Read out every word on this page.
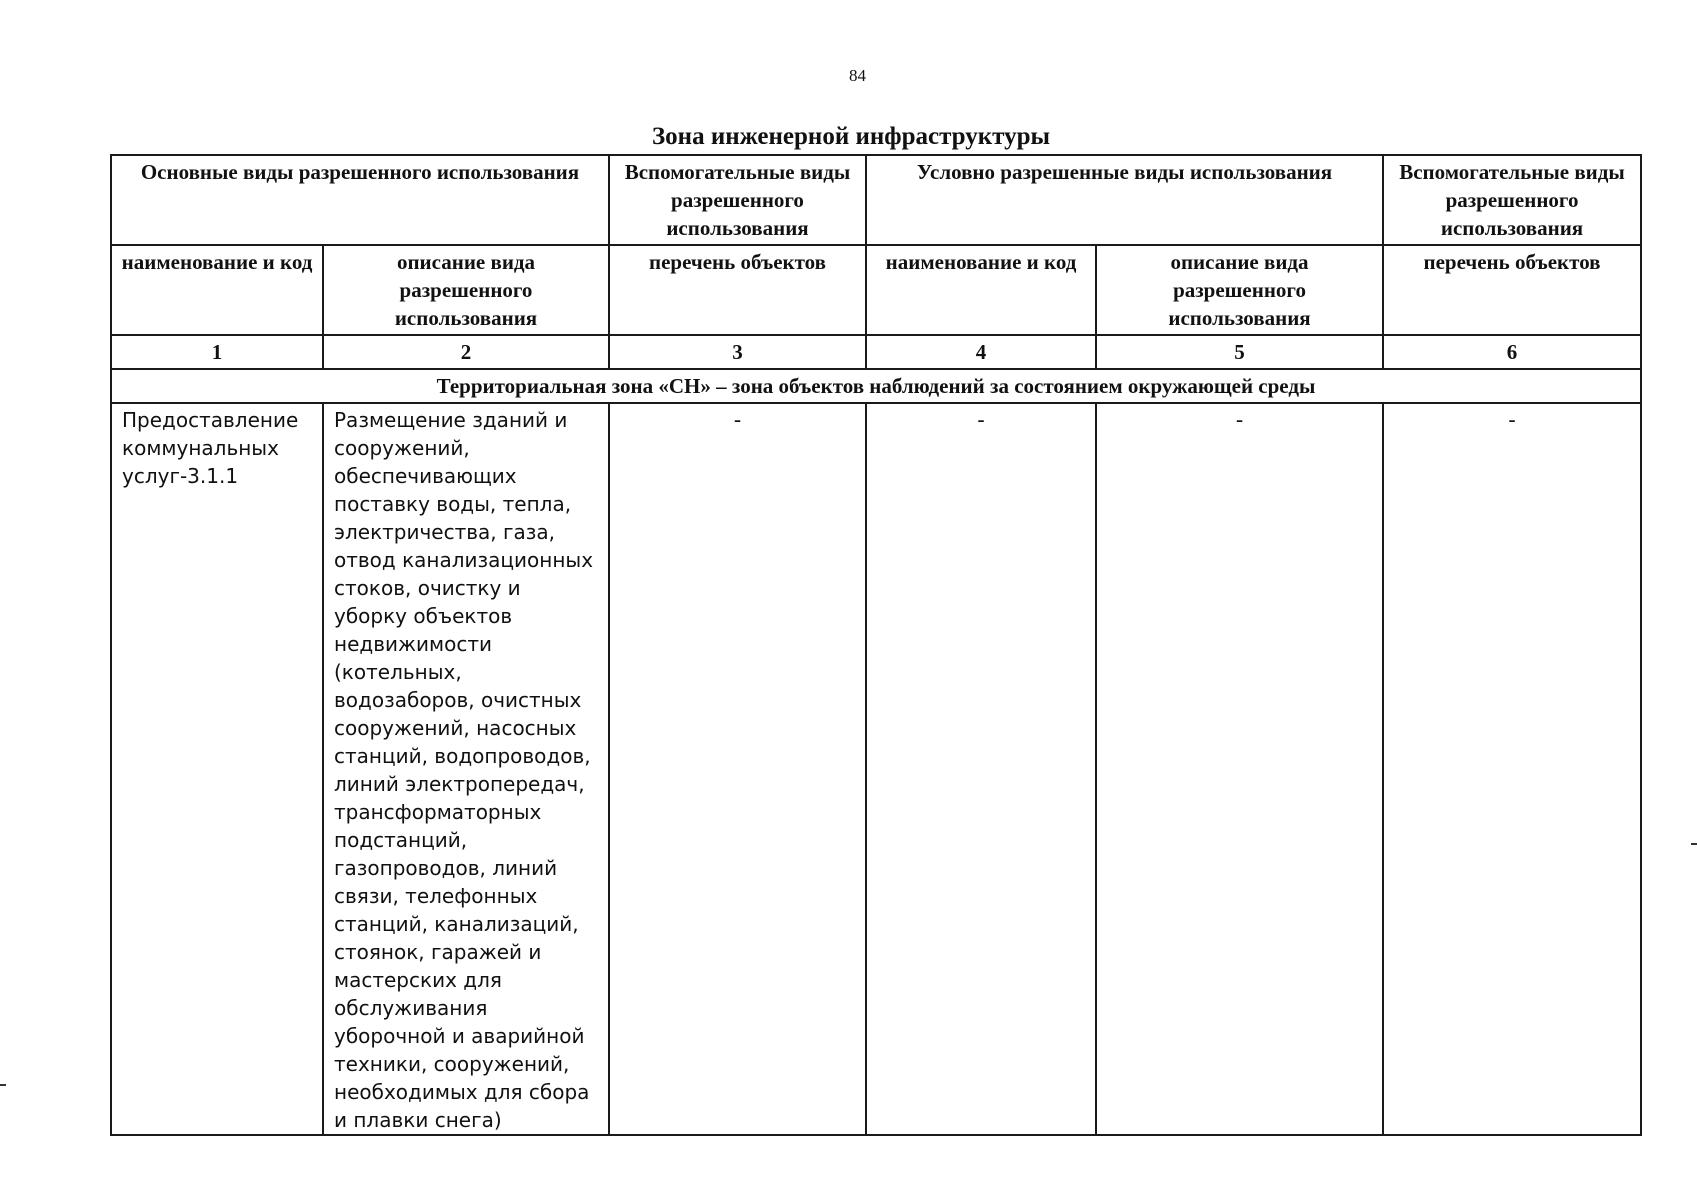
84
Зона инженерной инфраструктуры
Основные виды разрешенного использования		Вспомогательные виды разрешенного использования	Условно разрешенные виды использования		Вспомогательные виды разрешенного использования
наименование и код	описание вида разрешенного использования	перечень объектов	наименование и код	описание вида разрешенного использования	перечень объектов
1	2	3	4	5	6
Территориальная зона «СН» – зона объектов наблюдений за состоянием окружающей среды					
Предоставление коммунальных услуг-3.1.1	Размещение зданий и сооружений, обеспечивающих поставку воды, тепла, электричества, газа, отвод канализационных стоков, очистку и уборку объектов недвижимости (котельных, водозаборов, очистных сооружений, насосных станций, водопроводов, линий электропередач, трансформаторных подстанций, газопроводов, линий связи, телефонных станций, канализаций, стоянок, гаражей и мастерских для обслуживания уборочной и аварийной техники, сооружений, необходимых для сбора и плавки снега)	-	-	-	-
